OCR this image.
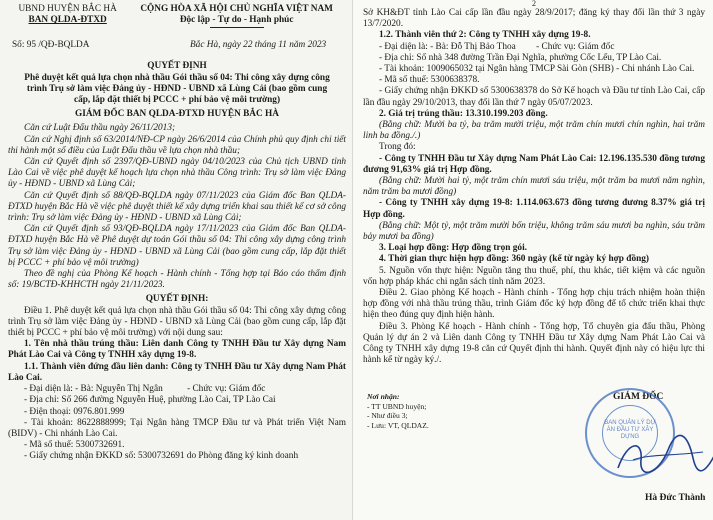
UBND HUYỆN BẮC HÀ

BAN QLDA-ĐTXD

CỘNG HÒA XÃ HỘI CHỦ NGHĨA VIỆT NAM

Độc lập - Tự do - Hạnh phúc

Số: 95 /QĐ-BQLDA	Bắc Hà, ngày 22 tháng 11 năm 2023

QUYẾT ĐỊNH

Phê duyệt kết quả lựa chọn nhà thầu Gói thầu số 04: Thi công xây dựng công trình Trụ sở làm việc Đảng ủy - HĐND - UBND xã Lùng Cải (bao gồm cung cấp, lắp đặt thiết bị PCCC + phí bảo vệ môi trường)

GIÁM ĐỐC BAN QLDA-ĐTXD HUYỆN BẮC HÀ

Căn cứ Luật Đấu thầu ngày 26/11/2013;

Căn cứ Nghị định số 63/2014/NĐ-CP ngày 26/6/2014 của Chính phủ quy định chi tiết thi hành một số điều của Luật Đấu thầu về lựa chọn nhà thầu;

Căn cứ Quyết định số 2397/QĐ-UBND ngày 04/10/2023 của Chủ tịch UBND tỉnh Lào Cai về việc phê duyệt kế hoạch lựa chọn nhà thầu Công trình: Trụ sở làm việc Đảng ủy - HĐND - UBND xã Lùng Cải;

Căn cứ Quyết định số 88/QĐ-BQLDA ngày 07/11/2023 của Giám đốc Ban QLDA-ĐTXD huyện Bắc Hà về việc phê duyệt thiết kế xây dựng triển khai sau thiết kế cơ sở công trình: Trụ sở làm việc Đảng ủy - HĐND - UBND xã Lùng Cải;

Căn cứ Quyết định số 93/QĐ-BQLDA ngày 17/11/2023 của Giám đốc Ban QLDA-ĐTXD huyện Bắc Hà về Phê duyệt dự toán Gói thầu số 04: Thi công xây dựng công trình Trụ sở làm việc Đảng ủy - HĐND - UBND xã Lùng Cải (bao gồm cung cấp, lắp đặt thiết bị PCCC + phí bảo vệ môi trường)

Theo đề nghị của Phòng Kế hoạch - Hành chính - Tổng hợp tại Báo cáo thẩm định số: 19/BCTĐ-KHHCTH ngày 21/11/2023.

QUYẾT ĐỊNH:

Điều 1. Phê duyệt kết quả lựa chọn nhà thầu Gói thầu số 04: Thi công xây dựng công trình Trụ sở làm việc Đảng ủy - HĐND - UBND xã Lùng Cải (bao gồm cung cấp, lắp đặt thiết bị PCCC + phí bảo vệ môi trường) với nội dung sau:

1. Tên nhà thầu trúng thầu: Liên danh Công ty TNHH Đầu tư Xây dựng Nam Phát Lào Cai và Công ty TNHH xây dựng 19-8.

1.1. Thành viên đứng đầu liên danh: Công ty TNHH Đầu tư Xây dựng Nam Phát Lào Cai.

- Đại diện là: - Bà: Nguyễn Thị Ngân	- Chức vụ: Giám đốc

- Địa chỉ: Số 266 đường Nguyễn Huệ, phường Lào Cai, TP Lào Cai

- Điện thoại: 0976.801.999

- Tài khoản: 8622888999; Tại Ngân hàng TMCP Đầu tư và Phát triển Việt Nam (BIDV) - Chi nhánh Lào Cai.

- Mã số thuế: 5300732691.

- Giấy chứng nhận ĐKKD số: 5300732691 do Phòng đăng ký kinh doanh

2

Sở KH&ĐT tỉnh Lào Cai cấp lần đầu ngày 28/9/2017; đăng ký thay đổi lần thứ 3 ngày 13/7/2020.

1.2. Thành viên thứ 2: Công ty TNHH xây dựng 19-8.

- Đại diện là: - Bà: Đỗ Thị Bảo Thoa - Chức vụ: Giám đốc

- Địa chỉ: Số nhà 348 đường Trần Đại Nghĩa, phường Cốc Lếu, TP Lào Cai.

- Tài khoản: 1009065032 tại Ngân hàng TMCP Sài Gòn (SHB) - Chi nhánh Lào Cai.

- Mã số thuế: 5300638378.

- Giấy chứng nhận ĐKKD số 5300638378 do Sở Kế hoạch và Đầu tư tỉnh Lào Cai, cấp lần đầu ngày 29/10/2013, thay đổi lần thứ 7 ngày 05/07/2023.

2. Giá trị trúng thầu: 13.310.199.203 đồng.

(Bằng chữ: Mười ba tỷ, ba trăm mười triệu, một trăm chín mươi chín nghìn, hai trăm linh ba đồng./.)

Trong đó:

- Công ty TNHH Đầu tư Xây dựng Nam Phát Lào Cai: 12.196.135.530 đồng tương đương 91,63% giá trị Hợp đồng.

(Bằng chữ: Mười hai tỷ, một trăm chín mươi sáu triệu, một trăm ba mươi năm nghìn, năm trăm ba mươi đồng)

- Công ty TNHH xây dựng 19-8: 1.114.063.673 đồng tương đương 8.37% giá trị Hợp đồng.

(Bằng chữ: Một tỷ, một trăm mười bốn triệu, không trăm sáu mươi ba nghìn, sáu trăm bảy mươi ba đồng)

3. Loại hợp đồng: Hợp đồng trọn gói.

4. Thời gian thực hiện hợp đồng: 360 ngày (kể từ ngày ký hợp đồng)

5. Nguồn vốn thực hiện: Nguồn tăng thu thuế, phí, thu khác, tiết kiệm và các nguồn vốn hợp pháp khác chi ngân sách tỉnh năm 2023.

Điều 2. Giao phòng Kế hoạch - Hành chính - Tổng hợp chịu trách nhiệm hoàn thiện hợp đồng với nhà thầu trúng thầu, trình Giám đốc ký hợp đồng để tổ chức triển khai thực hiện theo đúng quy định hiện hành.

Điều 3. Phòng Kế hoạch - Hành chính - Tổng hợp, Tổ chuyên gia đấu thầu, Phòng Quản lý dự án 2 và Liên danh Công ty TNHH Đầu tư Xây dựng Nam Phát Lào Cai và Công ty TNHH xây dựng 19-8 căn cứ Quyết định thi hành. Quyết định này có hiệu lực thi hành kể từ ngày ký./.

Nơi nhận:
- TT UBND huyện;
- Như điều 3;
- Lưu: VT, QLDAZ.
GIÁM ĐỐC
BAN QUẢN LÝ DỰ ÁN ĐẦU TƯ XÂY DỰNG
Hà Đức Thành
